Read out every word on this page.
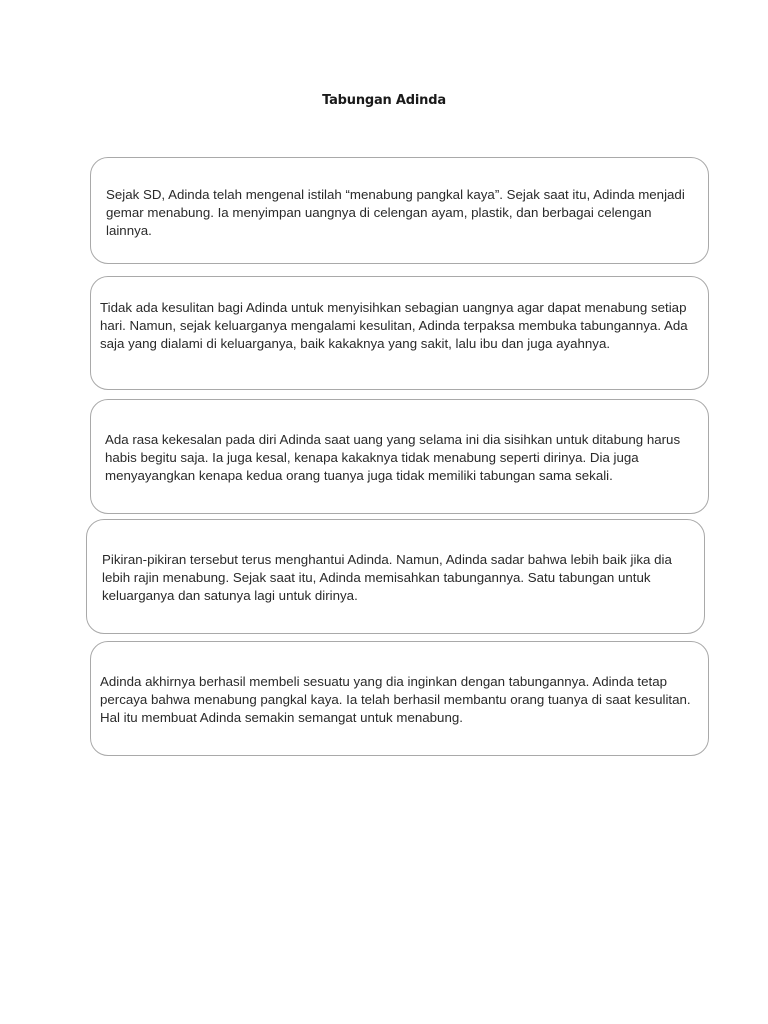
Tabungan Adinda

Sejak SD, Adinda telah mengenal istilah “menabung pangkal kaya”. Sejak saat itu, Adinda menjadi gemar menabung. Ia menyimpan uangnya di celengan ayam, plastik, dan berbagai celengan lainnya.

Tidak ada kesulitan bagi Adinda untuk menyisihkan sebagian uangnya agar dapat menabung setiap hari. Namun, sejak keluarganya mengalami kesulitan, Adinda terpaksa membuka tabungannya. Ada saja yang dialami di keluarganya, baik kakaknya yang sakit, lalu ibu dan juga ayahnya.

Ada rasa kekesalan pada diri Adinda saat uang yang selama ini dia sisihkan untuk ditabung harus habis begitu saja. Ia juga kesal, kenapa kakaknya tidak menabung seperti dirinya. Dia juga menyayangkan kenapa kedua orang tuanya juga tidak memiliki tabungan sama sekali.

Pikiran-pikiran tersebut terus menghantui Adinda. Namun, Adinda sadar bahwa lebih baik jika dia lebih rajin menabung. Sejak saat itu, Adinda memisahkan tabungannya. Satu tabungan untuk keluarganya dan satunya lagi untuk dirinya.

Adinda akhirnya berhasil membeli sesuatu yang dia inginkan dengan tabungannya. Adinda tetap percaya bahwa menabung pangkal kaya. Ia telah berhasil membantu orang tuanya di saat kesulitan. Hal itu membuat Adinda semakin semangat untuk menabung.
